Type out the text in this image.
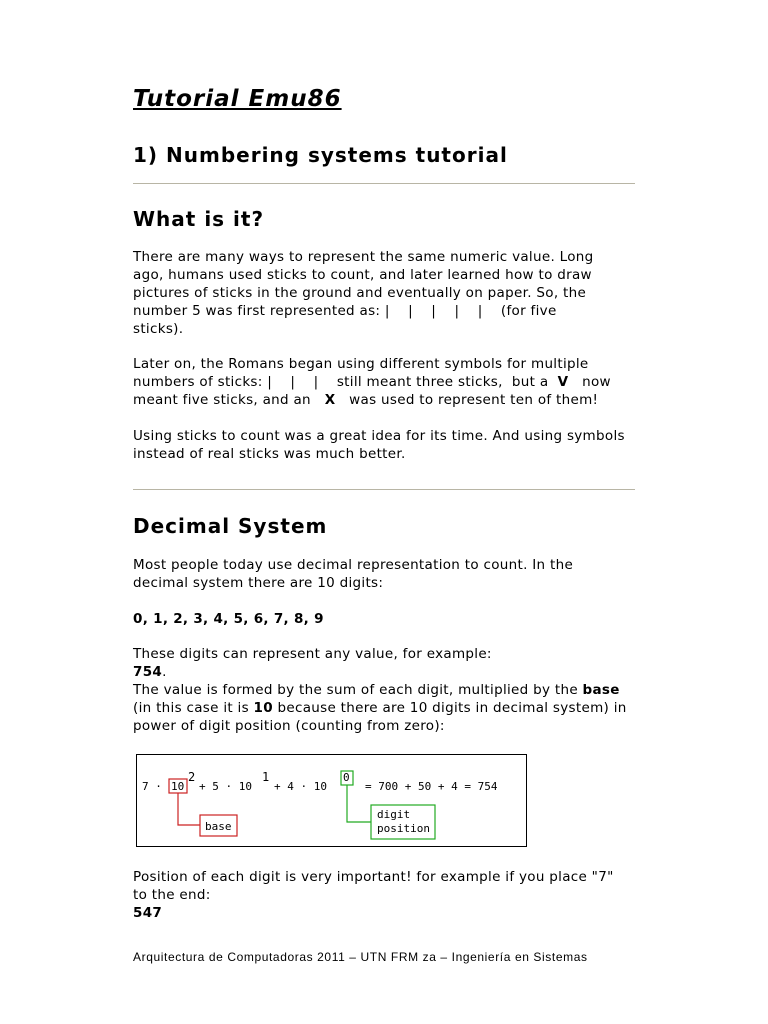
Tutorial Emu86
1) Numbering systems tutorial
What is it?

There are many ways to represent the same numeric value. Long
ago, humans used sticks to count, and later learned how to draw
pictures of sticks in the ground and eventually on paper. So, the
number 5 was first represented as: |    |    |    |    |    (for five
sticks).

Later on, the Romans began using different symbols for multiple
numbers of sticks: |    |    |    still meant three sticks,  but a  V   now
meant five sticks, and an   X   was used to represent ten of them!

Using sticks to count was a great idea for its time. And using symbols
instead of real sticks was much better.

Decimal System

Most people today use decimal representation to count. In the
decimal system there are 10 digits:

0, 1, 2, 3, 4, 5, 6, 7, 8, 9

These digits can represent any value, for example:
754.
The value is formed by the sum of each digit, multiplied by the base
(in this case it is 10 because there are 10 digits in decimal system) in
power of digit position (counting from zero):

7 · 10
2
+ 5 · 10
1
+ 4 · 10
0
= 700 + 50 + 4 = 754
base
digit
position

Position of each digit is very important! for example if you place "7"
to the end:
547

Arquitectura de Computadoras 2011 – UTN FRM za – Ingeniería en Sistemas
